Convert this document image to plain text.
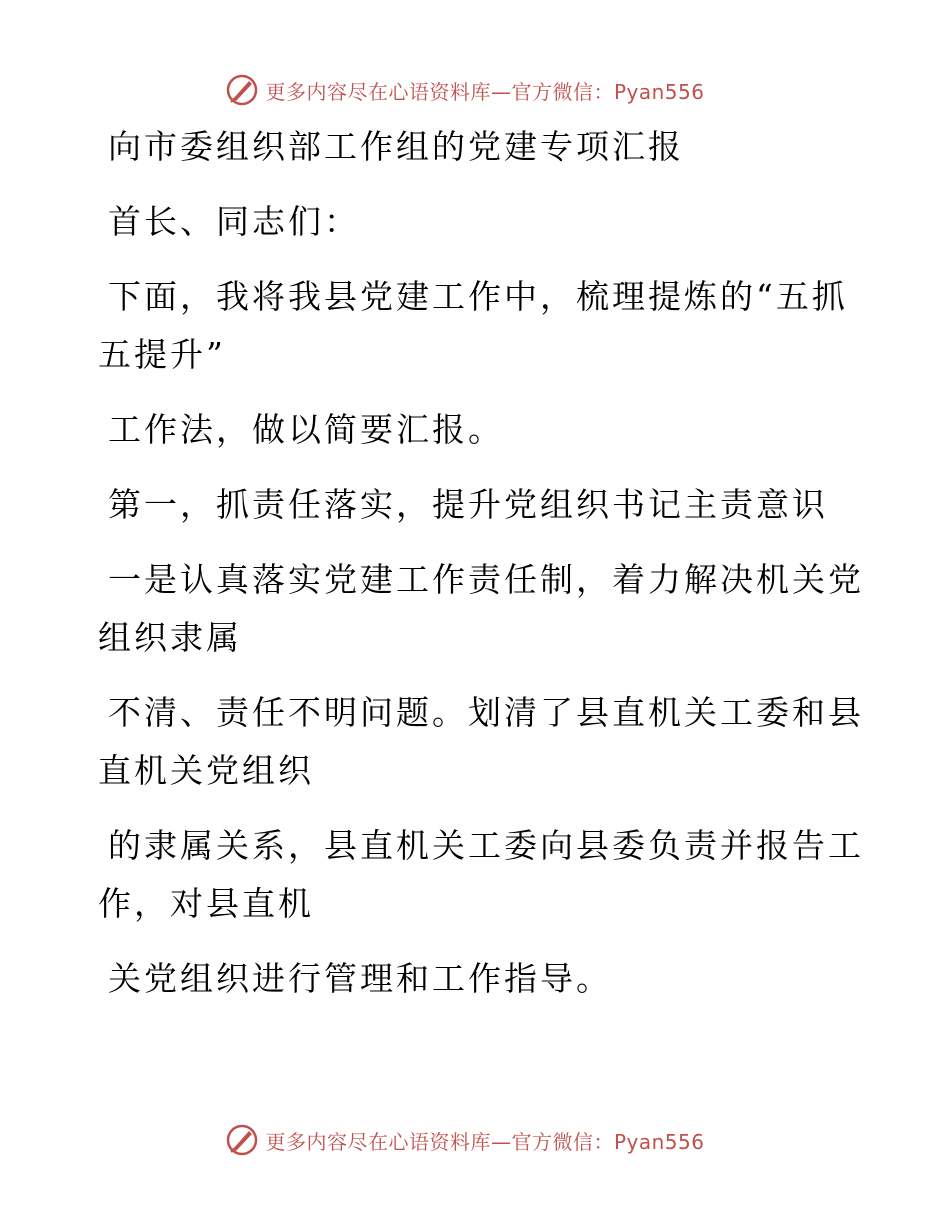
更多内容尽在心语资料库—官方微信：Pyan556
向市委组织部工作组的党建专项汇报
首长、同志们：
下面，我将我县党建工作中，梳理提炼的“五抓
五提升”
工作法，做以简要汇报。
第一，抓责任落实，提升党组织书记主责意识
一是认真落实党建工作责任制，着力解决机关党
组织隶属
不清、责任不明问题。划清了县直机关工委和县
直机关党组织
的隶属关系，县直机关工委向县委负责并报告工
作，对县直机
关党组织进行管理和工作指导。
更多内容尽在心语资料库—官方微信：Pyan556
